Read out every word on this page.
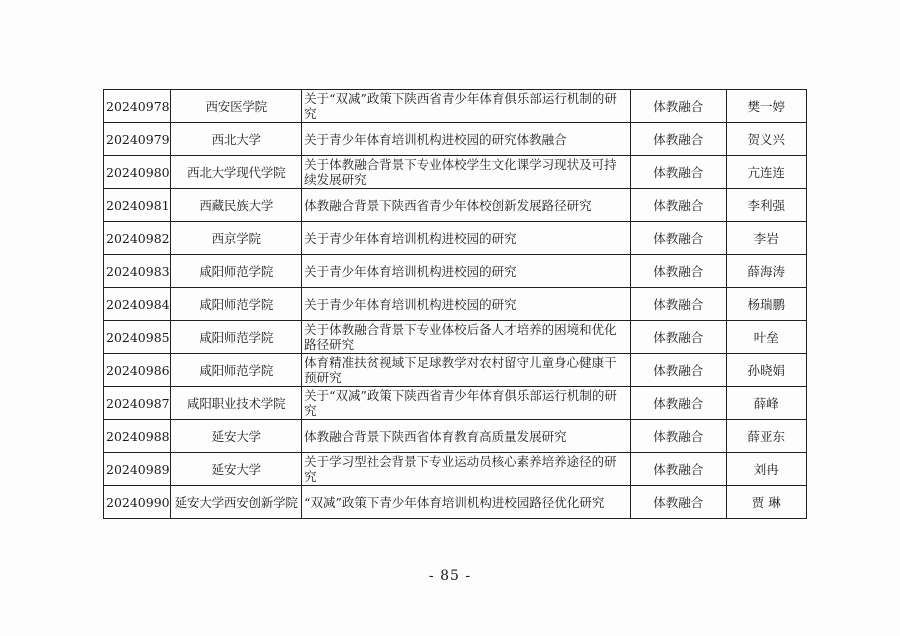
20240978	西安医学院	关于“双减”政策下陕西省青少年体育俱乐部运行机制的研究	体教融合	樊一婷
20240979	西北大学	关于青少年体育培训机构进校园的研究体教融合	体教融合	贺义兴
20240980	西北大学现代学院	关于体教融合背景下专业体校学生文化课学习现状及可持续发展研究	体教融合	亢连连
20240981	西藏民族大学	体教融合背景下陕西省青少年体校创新发展路径研究	体教融合	李利强
20240982	西京学院	关于青少年体育培训机构进校园的研究	体教融合	李岩
20240983	咸阳师范学院	关于青少年体育培训机构进校园的研究	体教融合	薛海涛
20240984	咸阳师范学院	关于青少年体育培训机构进校园的研究	体教融合	杨瑞鹏
20240985	咸阳师范学院	关于体教融合背景下专业体校后备人才培养的困境和优化路径研究	体教融合	叶垒
20240986	咸阳师范学院	体育精准扶贫视域下足球教学对农村留守儿童身心健康干预研究	体教融合	孙晓娟
20240987	咸阳职业技术学院	关于“双减”政策下陕西省青少年体育俱乐部运行机制的研究	体教融合	薛峰
20240988	延安大学	体教融合背景下陕西省体育教育高质量发展研究	体教融合	薛亚东
20240989	延安大学	关于学习型社会背景下专业运动员核心素养培养途径的研究	体教融合	刘冉
20240990	延安大学西安创新学院	“双减”政策下青少年体育培训机构进校园路径优化研究	体教融合	贾 琳
- 85 -
